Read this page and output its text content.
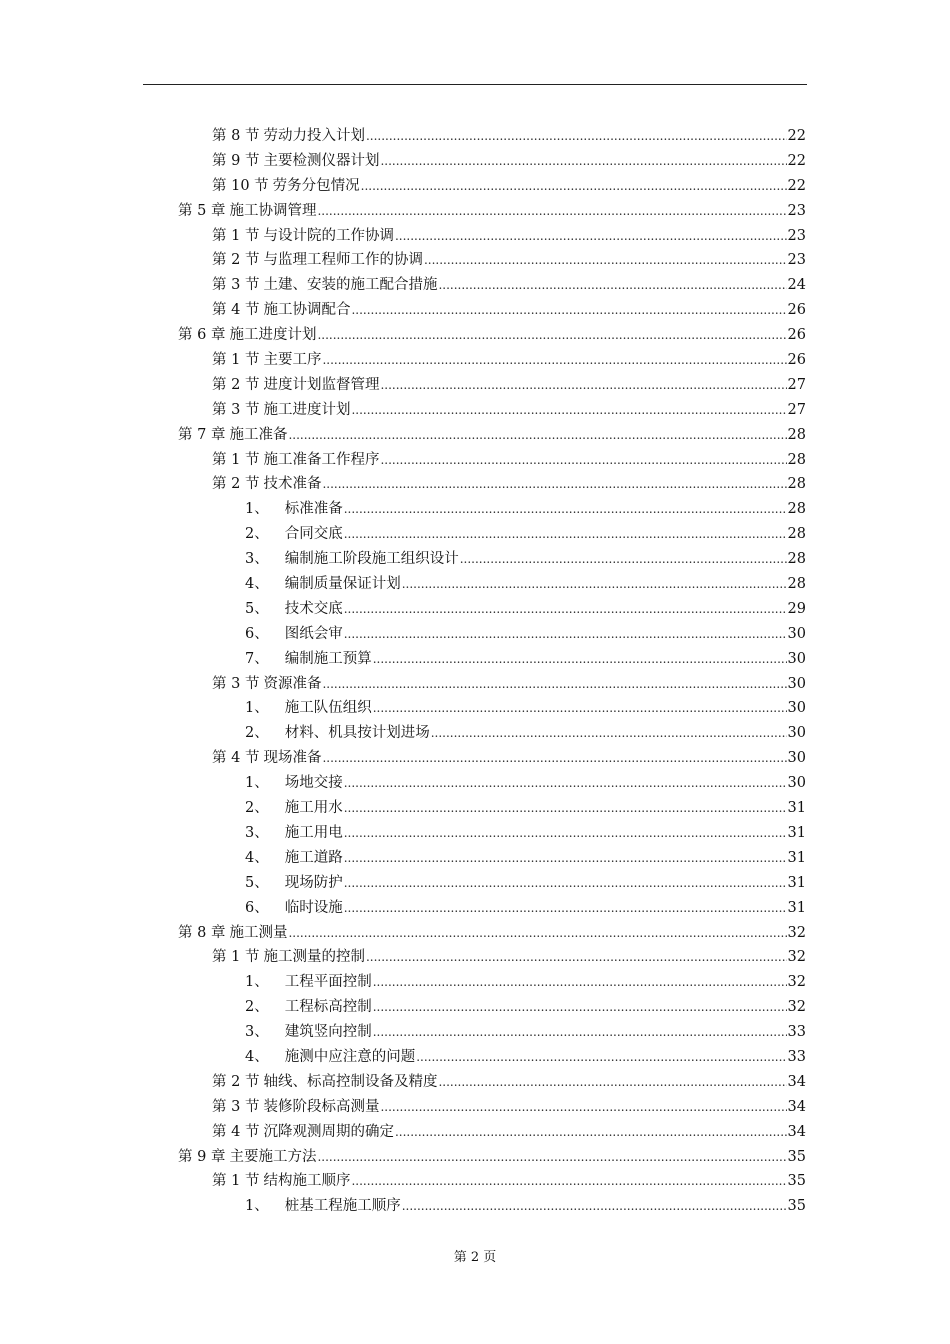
第 8 节 劳动力投入计划 .....	22
第 9 节 主要检测仪器计划 .....	22
第 10 节 劳务分包情况 .....	22
第 5 章 施工协调管理 .....	23
第 1 节 与设计院的工作协调 .....	23
第 2 节 与监理工程师工作的协调 .....	23
第 3 节 土建、安装的施工配合措施 .....	24
第 4 节 施工协调配合 .....	26
第 6 章 施工进度计划 .....	26
第 1 节 主要工序 .....	26
第 2 节 进度计划监督管理 .....	27
第 3 节 施工进度计划 .....	27
第 7 章 施工准备 .....	28
第 1 节 施工准备工作程序 .....	28
第 2 节 技术准备 .....	28
1、 标准准备 .....	28
2、 合同交底 .....	28
3、 编制施工阶段施工组织设计 .....	28
4、 编制质量保证计划 .....	28
5、 技术交底 .....	29
6、 图纸会审 .....	30
7、 编制施工预算 .....	30
第 3 节 资源准备 .....	30
1、 施工队伍组织 .....	30
2、 材料、机具按计划进场 .....	30
第 4 节 现场准备 .....	30
1、 场地交接 .....	30
2、 施工用水 .....	31
3、 施工用电 .....	31
4、 施工道路 .....	31
5、 现场防护 .....	31
6、 临时设施 .....	31
第 8 章 施工测量 .....	32
第 1 节 施工测量的控制 .....	32
1、 工程平面控制 .....	32
2、 工程标高控制 .....	32
3、 建筑竖向控制 .....	33
4、 施测中应注意的问题 .....	33
第 2 节 轴线、标高控制设备及精度 .....	34
第 3 节 装修阶段标高测量 .....	34
第 4 节 沉降观测周期的确定 .....	34
第 9 章 主要施工方法 .....	35
第 1 节 结构施工顺序 .....	35
1、 桩基工程施工顺序 .....	35
第 2 页
